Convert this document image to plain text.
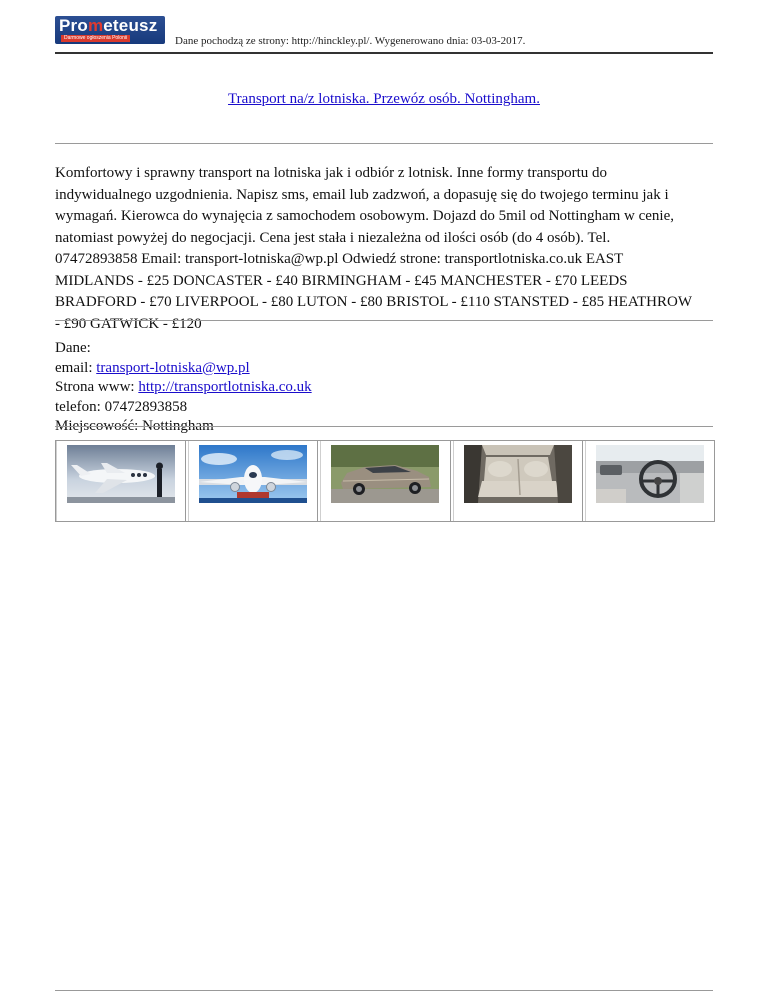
Prometeusz
Darmowe ogłoszenia Polonii	Dane pochodzą ze strony: http://hinckley.pl/. Wygenerowano dnia: 03-03-2017.
Transport na/z lotniska. Przewóz osób. Nottingham.
Komfortowy i sprawny transport na lotniska jak i odbiór z lotnisk. Inne formy transportu do indywidualnego uzgodnienia. Napisz sms, email lub zadzwoń, a dopasuję się do twojego terminu jak i wymagań. Kierowca do wynajęcia z samochodem osobowym. Dojazd do 5mil od Nottingham w cenie, natomiast powyżej do negocjacji. Cena jest stała i niezależna od ilości osób (do 4 osób). Tel. 07472893858 Email: transport-lotniska@wp.pl Odwiedź strone: transportlotniska.co.uk EAST MIDLANDS - £25 DONCASTER - £40 BIRMINGHAM - £45 MANCHESTER - £70 LEEDS BRADFORD - £70 LIVERPOOL - £80 LUTON - £80 BRISTOL - £110 STANSTED - £85 HEATHROW - £90 GATWICK - £120
Dane:
email: transport-lotniska@wp.pl
Strona www: http://transportlotniska.co.uk
telefon: 07472893858
Miejscowość: Nottingham
